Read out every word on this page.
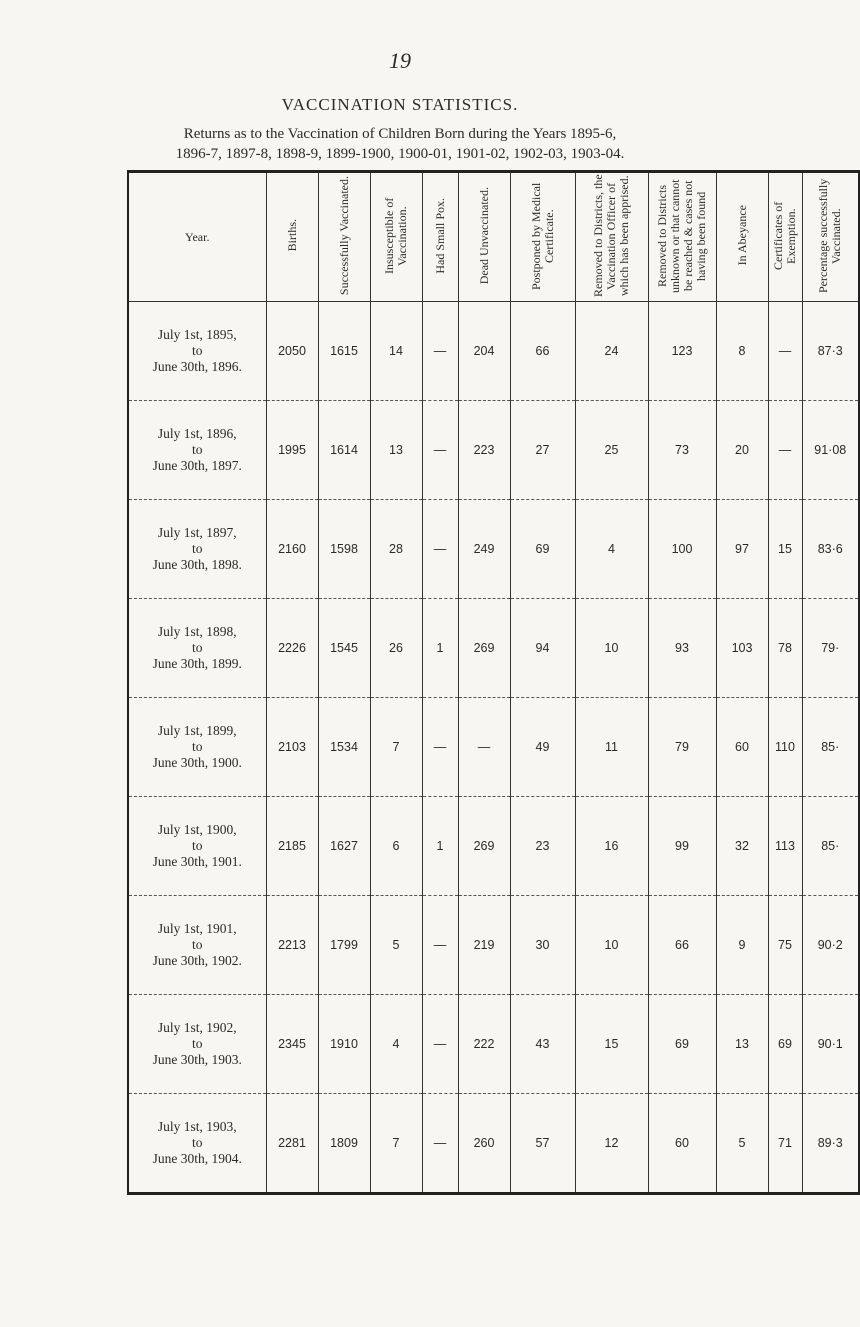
19
VACCINATION STATISTICS.
Returns as to the Vaccination of Children Born during the Years 1895-6,
1896-7, 1897-8, 1898-9, 1899-1900, 1900-01, 1901-02, 1902-03, 1903-04.
Year.	Births.	Successfully Vaccinated.	Insusceptible of Vaccination.	Had Small Pox.	Dead Unvaccinated.	Postponed by Medical Certificate.	Removed to Districts, the Vaccination Officer of which has been apprised.	Removed to Districts unknown or that cannot be reached & cases not having been found	In Abeyance	Certificates of Exemption.	Percentage successfully Vaccinated.

July 1st, 1895,
to
June 30th, 1896.	2050	1615	14	—	204	66	24	123	8	—	87·3

July 1st, 1896,
to
June 30th, 1897.	1995	1614	13	—	223	27	25	73	20	—	91·08

July 1st, 1897,
to
June 30th, 1898.	2160	1598	28	—	249	69	4	100	97	15	83·6

July 1st, 1898,
to
June 30th, 1899.	2226	1545	26	1	269	94	10	93	103	78	79·

July 1st, 1899,
to
June 30th, 1900.	2103	1534	7	—	—	49	11	79	60	110	85·

July 1st, 1900,
to
June 30th, 1901.	2185	1627	6	1	269	23	16	99	32	113	85·

July 1st, 1901,
to
June 30th, 1902.	2213	1799	5	—	219	30	10	66	9	75	90·2

July 1st, 1902,
to
June 30th, 1903.	2345	1910	4	—	222	43	15	69	13	69	90·1

July 1st, 1903,
to
June 30th, 1904.	2281	1809	7	—	260	57	12	60	5	71	89·3
